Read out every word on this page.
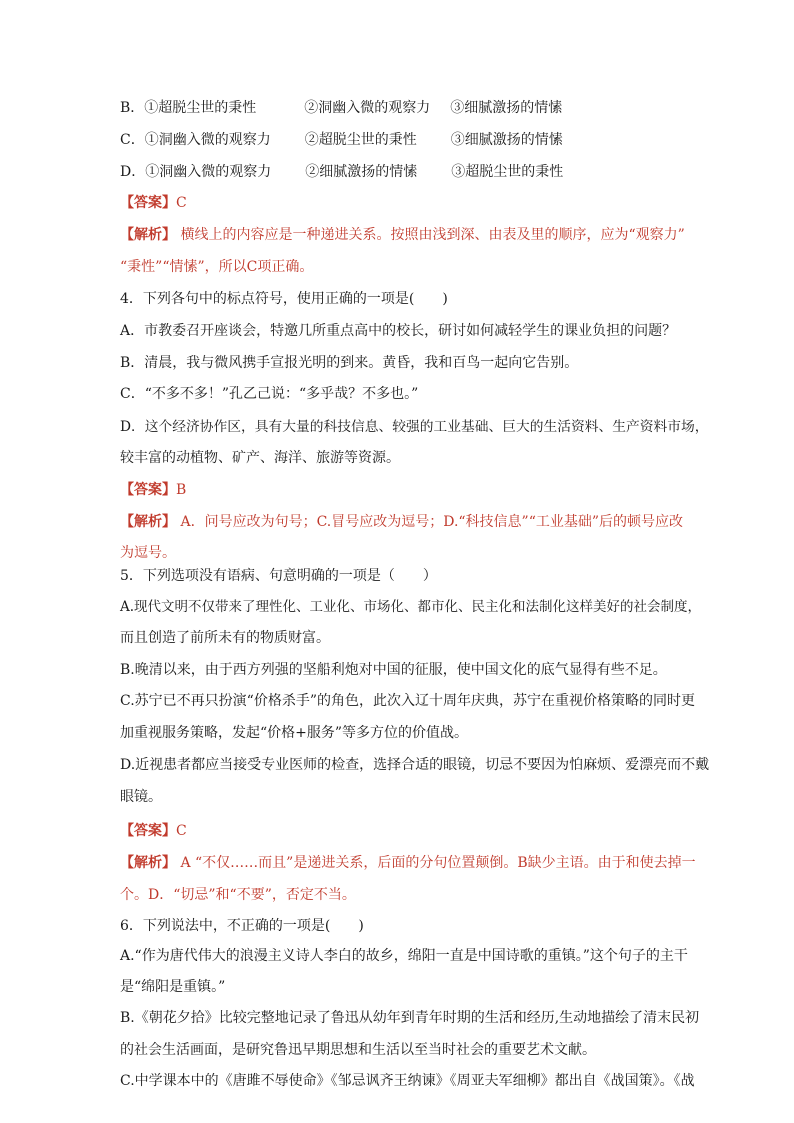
B．①超脱尘世的秉性	②洞幽入微的观察力 ③细腻激扬的情愫
C．①洞幽入微的观察力 ②超脱尘世的秉性 ③细腻激扬的情愫
D．①洞幽入微的观察力 ②细腻激扬的情愫 ③超脱尘世的秉性
【答案】C
【解析】 横线上的内容应是一种递进关系。按照由浅到深、由表及里的顺序，应为“观察力”
“秉性”“情愫”，所以C项正确。
4．下列各句中的标点符号，使用正确的一项是(　　)
A．市教委召开座谈会，特邀几所重点高中的校长，研讨如何减轻学生的课业负担的问题？
B．清晨，我与微风携手宣报光明的到来。黄昏，我和百鸟一起向它告别。
C．“不多不多！”孔乙己说：“多乎哉？不多也。”
D．这个经济协作区，具有大量的科技信息、较强的工业基础、巨大的生活资料、生产资料市场，
较丰富的动植物、矿产、海洋、旅游等资源。
【答案】B
【解析】 A．问号应改为句号；C.冒号应改为逗号；D.“科技信息”“工业基础”后的顿号应改
为逗号。
5．下列选项没有语病、句意明确的一项是（　　）
A.现代文明不仅带来了理性化、工业化、市场化、都市化、民主化和法制化这样美好的社会制度，
而且创造了前所未有的物质财富。
B.晚清以来，由于西方列强的坚船利炮对中国的征服，使中国文化的底气显得有些不足。
C.苏宁已不再只扮演“价格杀手”的角色，此次入辽十周年庆典，苏宁在重视价格策略的同时更
加重视服务策略，发起“价格+服务”等多方位的价值战。
D.近视患者都应当接受专业医师的检查，选择合适的眼镜，切忌不要因为怕麻烦、爱漂亮而不戴
眼镜。
【答案】C
【解析】 A “不仅……而且”是递进关系，后面的分句位置颠倒。B缺少主语。由于和使去掉一
个。D．“切忌”和“不要”，否定不当。
6．下列说法中，不正确的一项是(　　)
A.“作为唐代伟大的浪漫主义诗人李白的故乡，绵阳一直是中国诗歌的重镇。”这个句子的主干
是“绵阳是重镇。”
B.《朝花夕拾》比较完整地记录了鲁迅从幼年到青年时期的生活和经历,生动地描绘了清末民初
的社会生活画面，是研究鲁迅早期思想和生活以至当时社会的重要艺术文献。
C.中学课本中的《唐雎不辱使命》《邹忌讽齐王纳谏》《周亚夫军细柳》都出自《战国策》。《战
